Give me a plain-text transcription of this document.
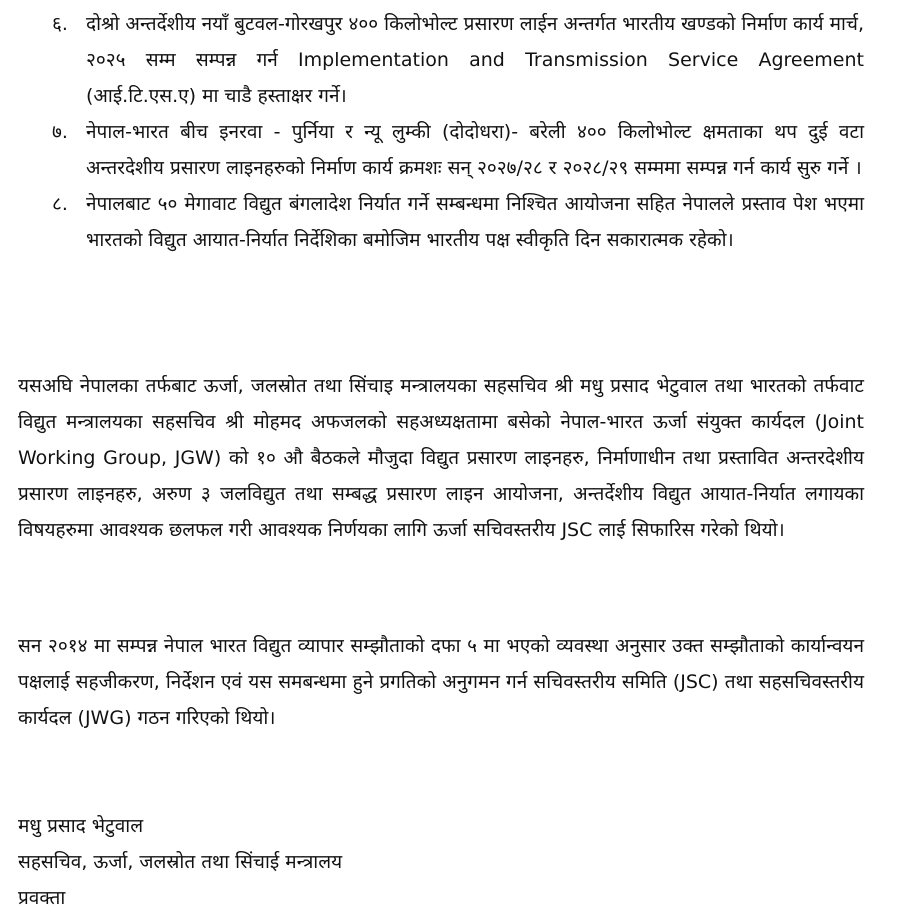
६. दोश्रो अन्तर्देशीय नयाँ बुटवल-गोरखपुर ४०० किलोभोल्ट प्रसारण लाईन अन्तर्गत भारतीय खण्डको निर्माण कार्य मार्च, २०२५ सम्म सम्पन्न गर्न Implementation and Transmission Service Agreement (आई.टि.एस.ए) मा चाडै हस्ताक्षर गर्ने।
७. नेपाल-भारत बीच इनरवा - पुर्निया र न्यू लुम्की (दोदोधरा)- बरेली ४०० किलोभोल्ट क्षमताका थप दुई वटा अन्तरदेशीय प्रसारण लाइनहरुको निर्माण कार्य क्रमशः सन् २०२७/२८ र २०२८/२९ सम्ममा सम्पन्न गर्न कार्य सुरु गर्ने ।
८. नेपालबाट ५० मेगावाट विद्युत बंगलादेश निर्यात गर्ने सम्बन्धमा निश्चित आयोजना सहित नेपालले प्रस्ताव पेश भएमा भारतको विद्युत आयात-निर्यात निर्देशिका बमोजिम भारतीय पक्ष स्वीकृति दिन सकारात्मक रहेको।

यसअघि नेपालका तर्फबाट ऊर्जा, जलस्रोत तथा सिंचाइ मन्त्रालयका सहसचिव श्री मधु प्रसाद भेटुवाल तथा भारतको तर्फवाट विद्युत मन्त्रालयका सहसचिव श्री मोहमद अफजलको सहअध्यक्षतामा बसेको नेपाल-भारत ऊर्जा संयुक्त कार्यदल (Joint Working Group, JGW) को १० औ बैठकले मौजुदा विद्युत प्रसारण लाइनहरु, निर्माणाधीन तथा प्रस्तावित अन्तरदेशीय प्रसारण लाइनहरु, अरुण ३ जलविद्युत तथा सम्बद्ध प्रसारण लाइन आयोजना, अन्तर्देशीय विद्युत आयात-निर्यात लगायका विषयहरुमा आवश्यक छलफल गरी आवश्यक निर्णयका लागि ऊर्जा सचिवस्तरीय JSC लाई सिफारिस गरेको थियो।

सन २०१४ मा सम्पन्न नेपाल भारत विद्युत व्यापार सम्झौताको दफा ५ मा भएको व्यवस्था अनुसार उक्त सम्झौताको कार्यान्वयन पक्षलाई सहजीकरण, निर्देशन एवं यस समबन्धमा हुने प्रगतिको अनुगमन गर्न सचिवस्तरीय समिति (JSC) तथा सहसचिवस्तरीय कार्यदल (JWG) गठन गरिएको थियो।

मधु प्रसाद भेटुवाल
सहसचिव, ऊर्जा, जलस्रोत तथा सिंचाई मन्त्रालय
प्रवक्ता
